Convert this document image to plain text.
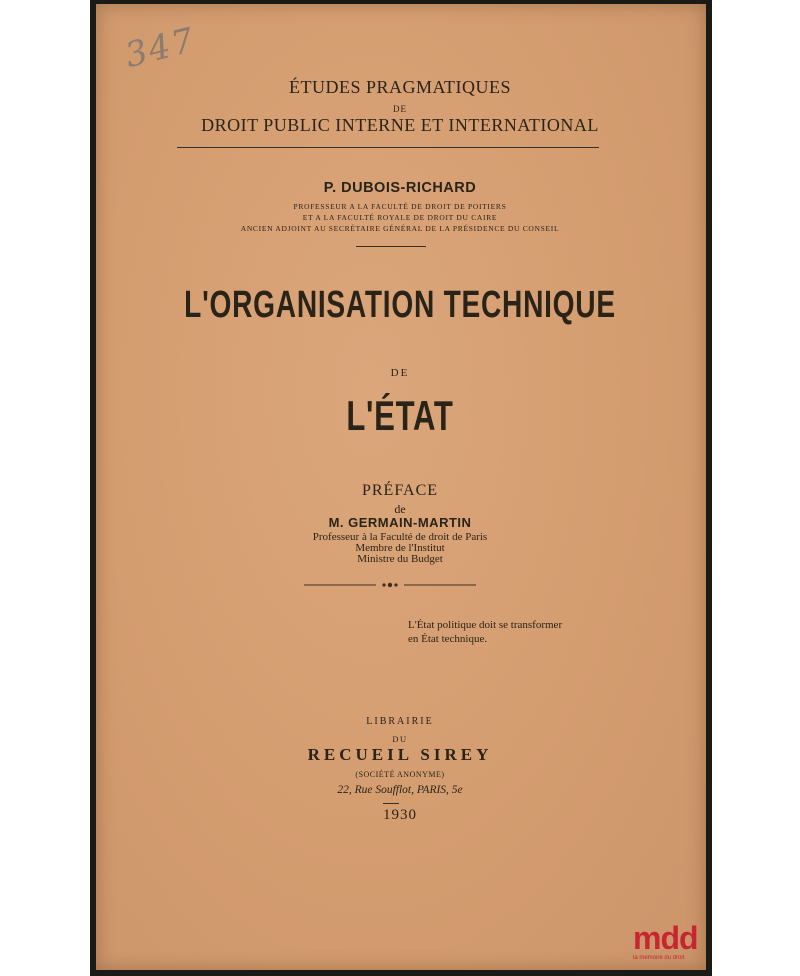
347
ÉTUDES PRAGMATIQUES
DE
DROIT PUBLIC INTERNE ET INTERNATIONAL
P. DUBOIS-RICHARD
PROFESSEUR A LA FACULTÉ DE DROIT DE POITIERS
ET A LA FACULTÉ ROYALE DE DROIT DU CAIRE
ANCIEN ADJOINT AU SECRÉTAIRE GÉNÉRAL DE LA PRÉSIDENCE DU CONSEIL
L'ORGANISATION TECHNIQUE
DE
L'ÉTAT
PRÉFACE
de
M. GERMAIN-MARTIN
Professeur à la Faculté de droit de Paris
Membre de l'Institut
Ministre du Budget
L'État politique doit se transformer
en État technique.
LIBRAIRIE
DU
RECUEIL SIREY
(SOCIÉTÉ ANONYME)
22, Rue Soufflot, PARIS, 5e
1930
mdd
la mémoire du droit
